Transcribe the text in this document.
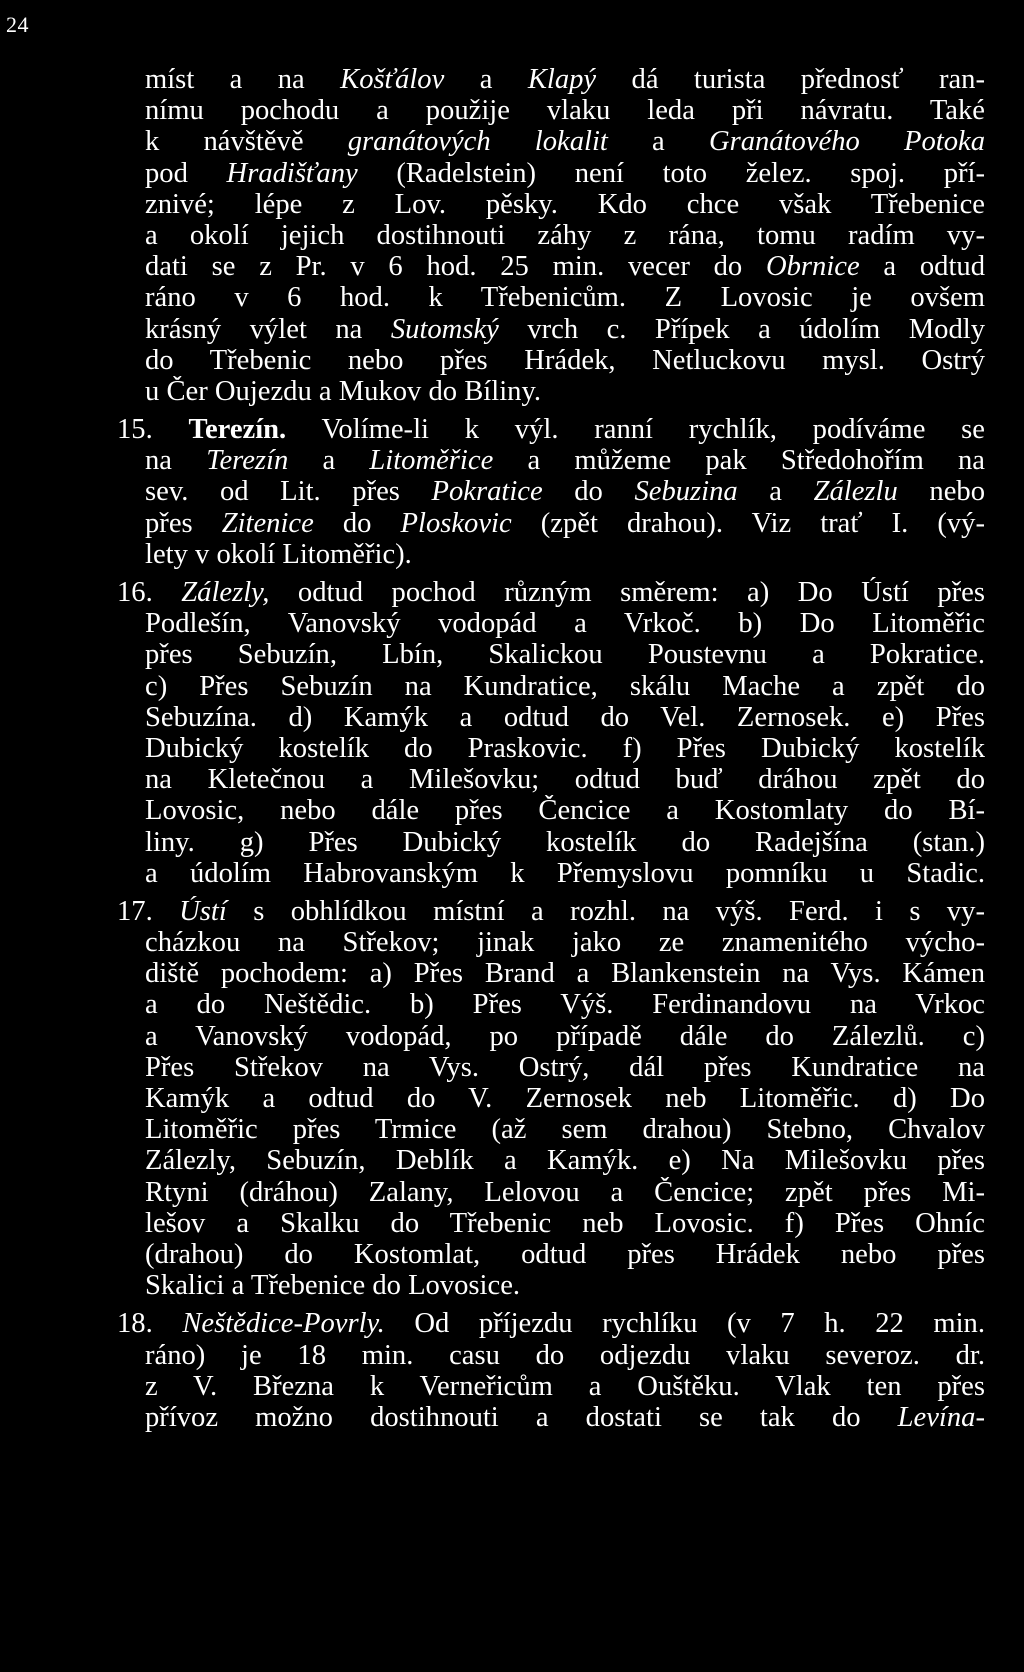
24
míst a na Košťálov a Klapý dá turista přednosť ran-
nímu pochodu a použije vlaku leda při návratu. Také
k návštěvě granátových lokalit a Granátového Potoka
pod Hradišťany (Radelstein) není toto želez. spoj. pří-
znivé; lépe z Lov. pěsky. Kdo chce však Třebenice
a okolí jejich dostihnouti záhy z rána, tomu radím vy-
dati se z Pr. v 6 hod. 25 min. vecer do Obrnice a odtud
ráno v 6 hod. k Třebenicům. Z Lovosic je ovšem
krásný výlet na Sutomský vrch c. Přípek a údolím Modly
do Třebenic nebo přes Hrádek, Netluckovu mysl. Ostrý
u Čer Oujezdu a Mukov do Bíliny.
15. Terezín. Volíme-li k výl. ranní rychlík, podíváme se
na Terezín a Litoměřice a můžeme pak Středohořím na
sev. od Lit. přes Pokratice do Sebuzina a Zálezlu nebo
přes Zitenice do Ploskovic (zpět drahou). Viz trať I. (vý-
lety v okolí Litoměřic).
16. Zálezly, odtud pochod různým směrem: a) Do Ústí přes
Podlešín, Vanovský vodopád a Vrkoč. b) Do Litoměřic
přes Sebuzín, Lbín, Skalickou Poustevnu a Pokratice.
c) Přes Sebuzín na Kundratice, skálu Mache a zpět do
Sebuzína. d) Kamýk a odtud do Vel. Zernosek. e) Přes
Dubický kostelík do Praskovic. f) Přes Dubický kostelík
na Kletečnou a Milešovku; odtud buď dráhou zpět do
Lovosic, nebo dále přes Čencice a Kostomlaty do Bí-
liny. g) Přes Dubický kostelík do Radejšína (stan.)
a údolím Habrovanským k Přemyslovu pomníku u Stadic.
17. Ústí s obhlídkou místní a rozhl. na výš. Ferd. i s vy-
cházkou na Střekov; jinak jako ze znamenitého výcho-
diště pochodem: a) Přes Brand a Blankenstein na Vys. Kámen
a do Neštědic. b) Přes Výš. Ferdinandovu na Vrkoc
a Vanovský vodopád, po případě dále do Zálezlů. c)
Přes Střekov na Vys. Ostrý, dál přes Kundratice na
Kamýk a odtud do V. Zernosek neb Litoměřic. d) Do
Litoměřic přes Trmice (až sem drahou) Stebno, Chvalov
Zálezly, Sebuzín, Deblík a Kamýk. e) Na Milešovku přes
Rtyni (dráhou) Zalany, Lelovou a Čencice; zpět přes Mi-
lešov a Skalku do Třebenic neb Lovosic. f) Přes Ohníc
(drahou) do Kostomlat, odtud přes Hrádek nebo přes
Skalici a Třebenice do Lovosice.
18. Neštědice-Povrly. Od příjezdu rychlíku (v 7 h. 22 min.
ráno) je 18 min. casu do odjezdu vlaku severoz. dr.
z V. Března k Verneřicům a Ouštěku. Vlak ten přes
přívoz možno dostihnouti a dostati se tak do Levína-
